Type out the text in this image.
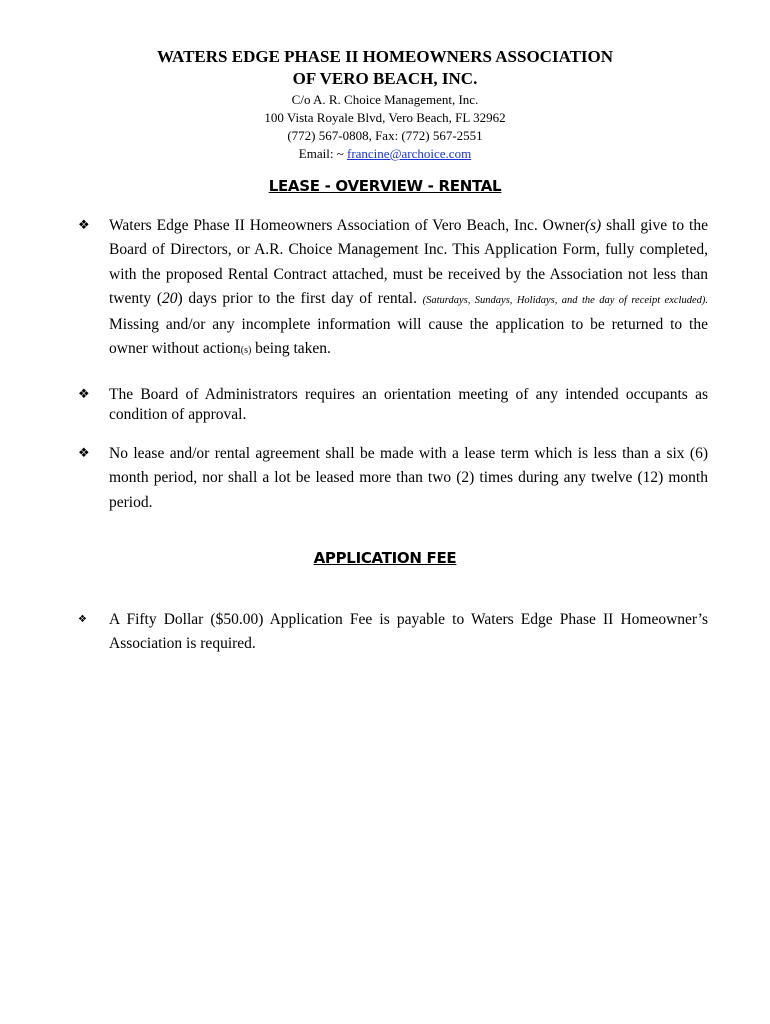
WATERS EDGE PHASE II HOMEOWNERS ASSOCIATION
OF VERO BEACH, INC.
C/o A. R. Choice Management, Inc.
100 Vista Royale Blvd, Vero Beach, FL 32962
(772) 567-0808, Fax: (772) 567-2551
Email: ~ francine@archoice.com
LEASE - OVERVIEW - RENTAL
❖	Waters Edge Phase II Homeowners Association of Vero Beach, Inc. Owner(s) shall give to the Board of Directors, or A.R. Choice Management Inc. This Application Form, fully completed, with the proposed Rental Contract attached, must be received by the Association not less than twenty (20) days prior to the first day of rental. (Saturdays, Sundays, Holidays, and the day of receipt excluded). Missing and/or any incomplete information will cause the application to be returned to the owner without action(s) being taken.
❖	The Board of Administrators requires an orientation meeting of any intended occupants as condition of approval.
❖	No lease and/or rental agreement shall be made with a lease term which is less than a six (6) month period, nor shall a lot be leased more than two (2) times during any twelve (12) month period.
APPLICATION FEE
❖	A Fifty Dollar ($50.00) Application Fee is payable to Waters Edge Phase II Homeowner’s Association is required.
